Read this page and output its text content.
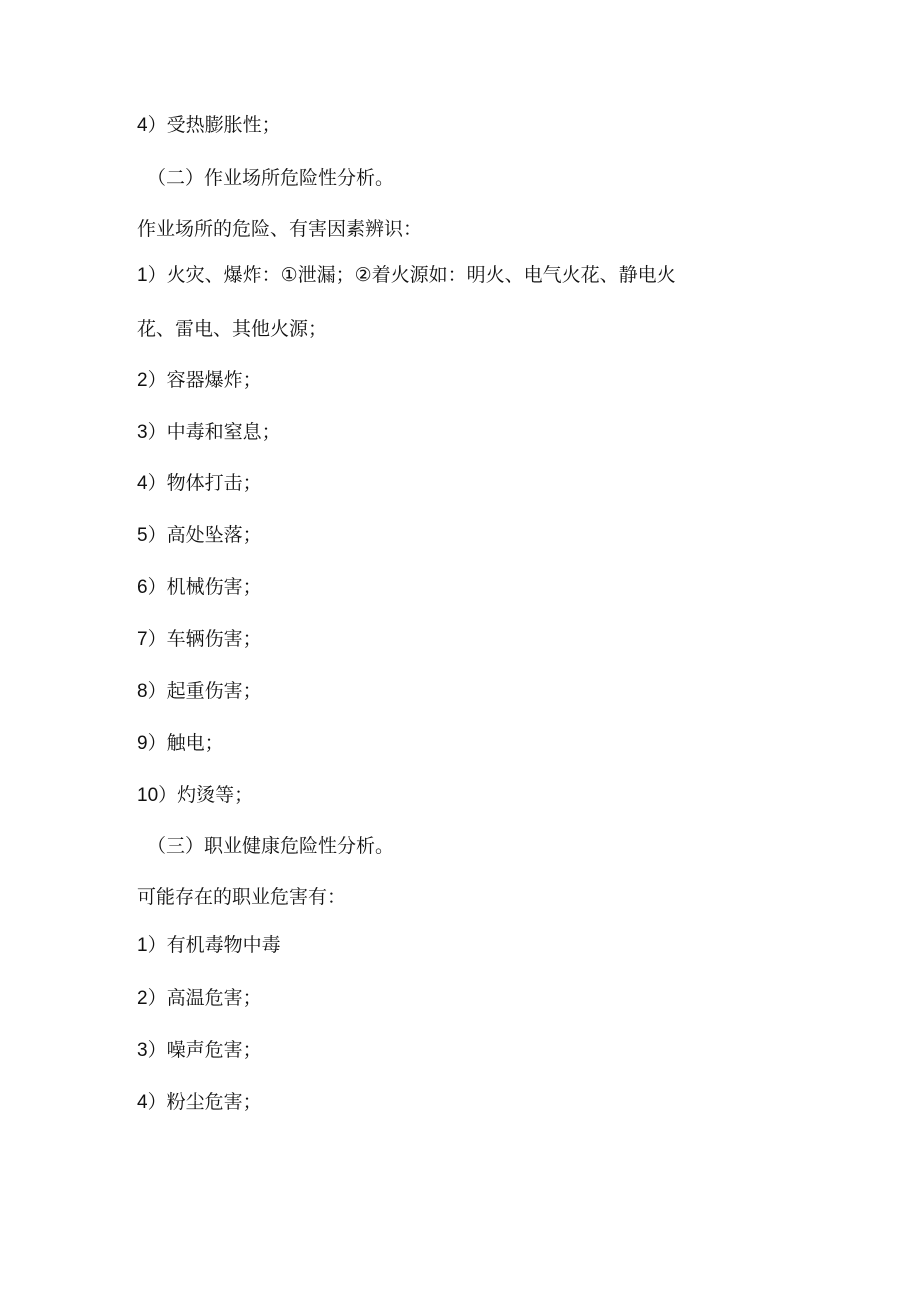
4）受热膨胀性；
（二）作业场所危险性分析。
作业场所的危险、有害因素辨识：
1）火灾、爆炸：①泄漏；②着火源如：明火、电气火花、静电火
花、雷电、其他火源；
2）容器爆炸；
3）中毒和窒息；
4）物体打击；
5）高处坠落；
6）机械伤害；
7）车辆伤害；
8）起重伤害；
9）触电；
10）灼烫等；
（三）职业健康危险性分析。
可能存在的职业危害有：
1）有机毒物中毒
2）高温危害；
3）噪声危害；
4）粉尘危害；
